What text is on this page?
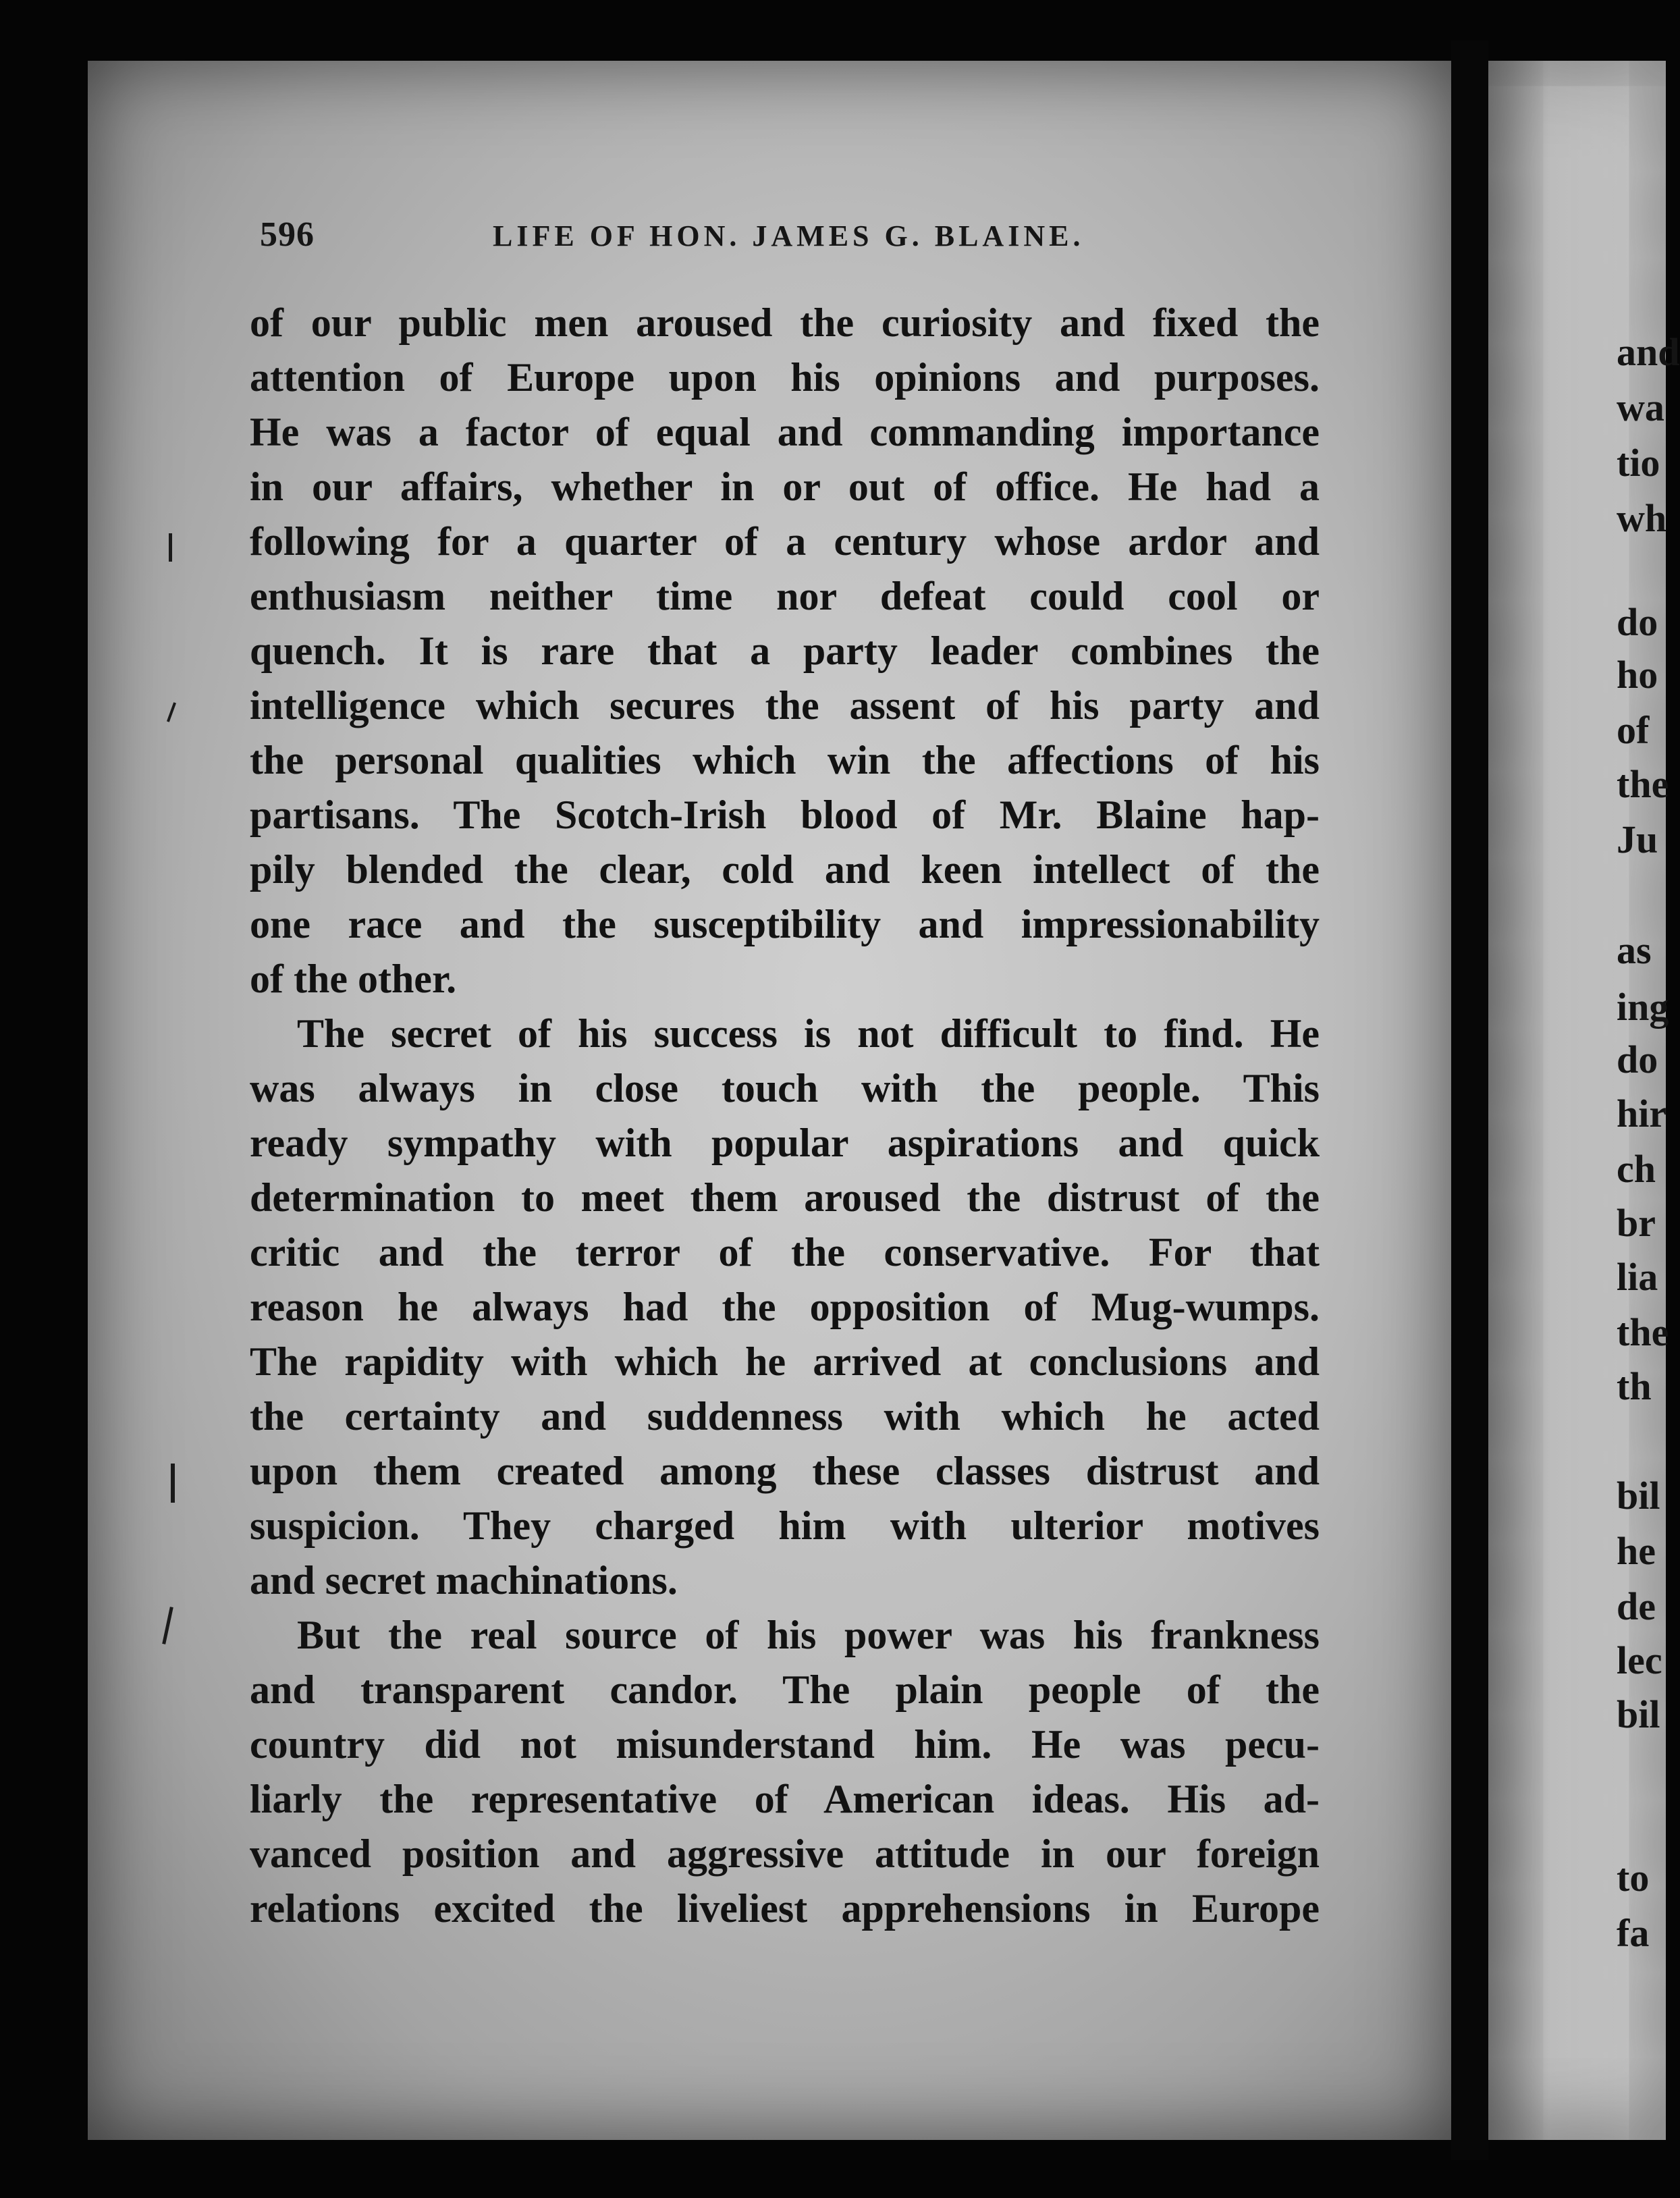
596	LIFE OF HON. JAMES G. BLAINE.
of our public men aroused the curiosity and fixed the
attention of Europe upon his opinions and purposes.
He was a factor of equal and commanding importance
in our affairs, whether in or out of office. He had a
following for a quarter of a century whose ardor and
enthusiasm neither time nor defeat could cool or
quench. It is rare that a party leader combines the
intelligence which secures the assent of his party and
the personal qualities which win the affections of his
partisans. The Scotch-Irish blood of Mr. Blaine hap-
pily blended the clear, cold and keen intellect of the
one race and the susceptibility and impressionability
of the other.
The secret of his success is not difficult to find. He
was always in close touch with the people. This
ready sympathy with popular aspirations and quick
determination to meet them aroused the distrust of the
critic and the terror of the conservative. For that
reason he always had the opposition of Mug-wumps.
The rapidity with which he arrived at conclusions and
the certainty and suddenness with which he acted
upon them created among these classes distrust and
suspicion. They charged him with ulterior motives
and secret machinations.
But the real source of his power was his frankness
and transparent candor. The plain people of the
country did not misunderstand him. He was pecu-
liarly the representative of American ideas. His ad-
vanced position and aggressive attitude in our foreign
relations excited the liveliest apprehensions in Europe
and
wa
tio
wh
do
ho
of
the
Ju
as
ing
do
hir
ch
br
lia
the
th
bil
he
de
lec
bil
to
fa
